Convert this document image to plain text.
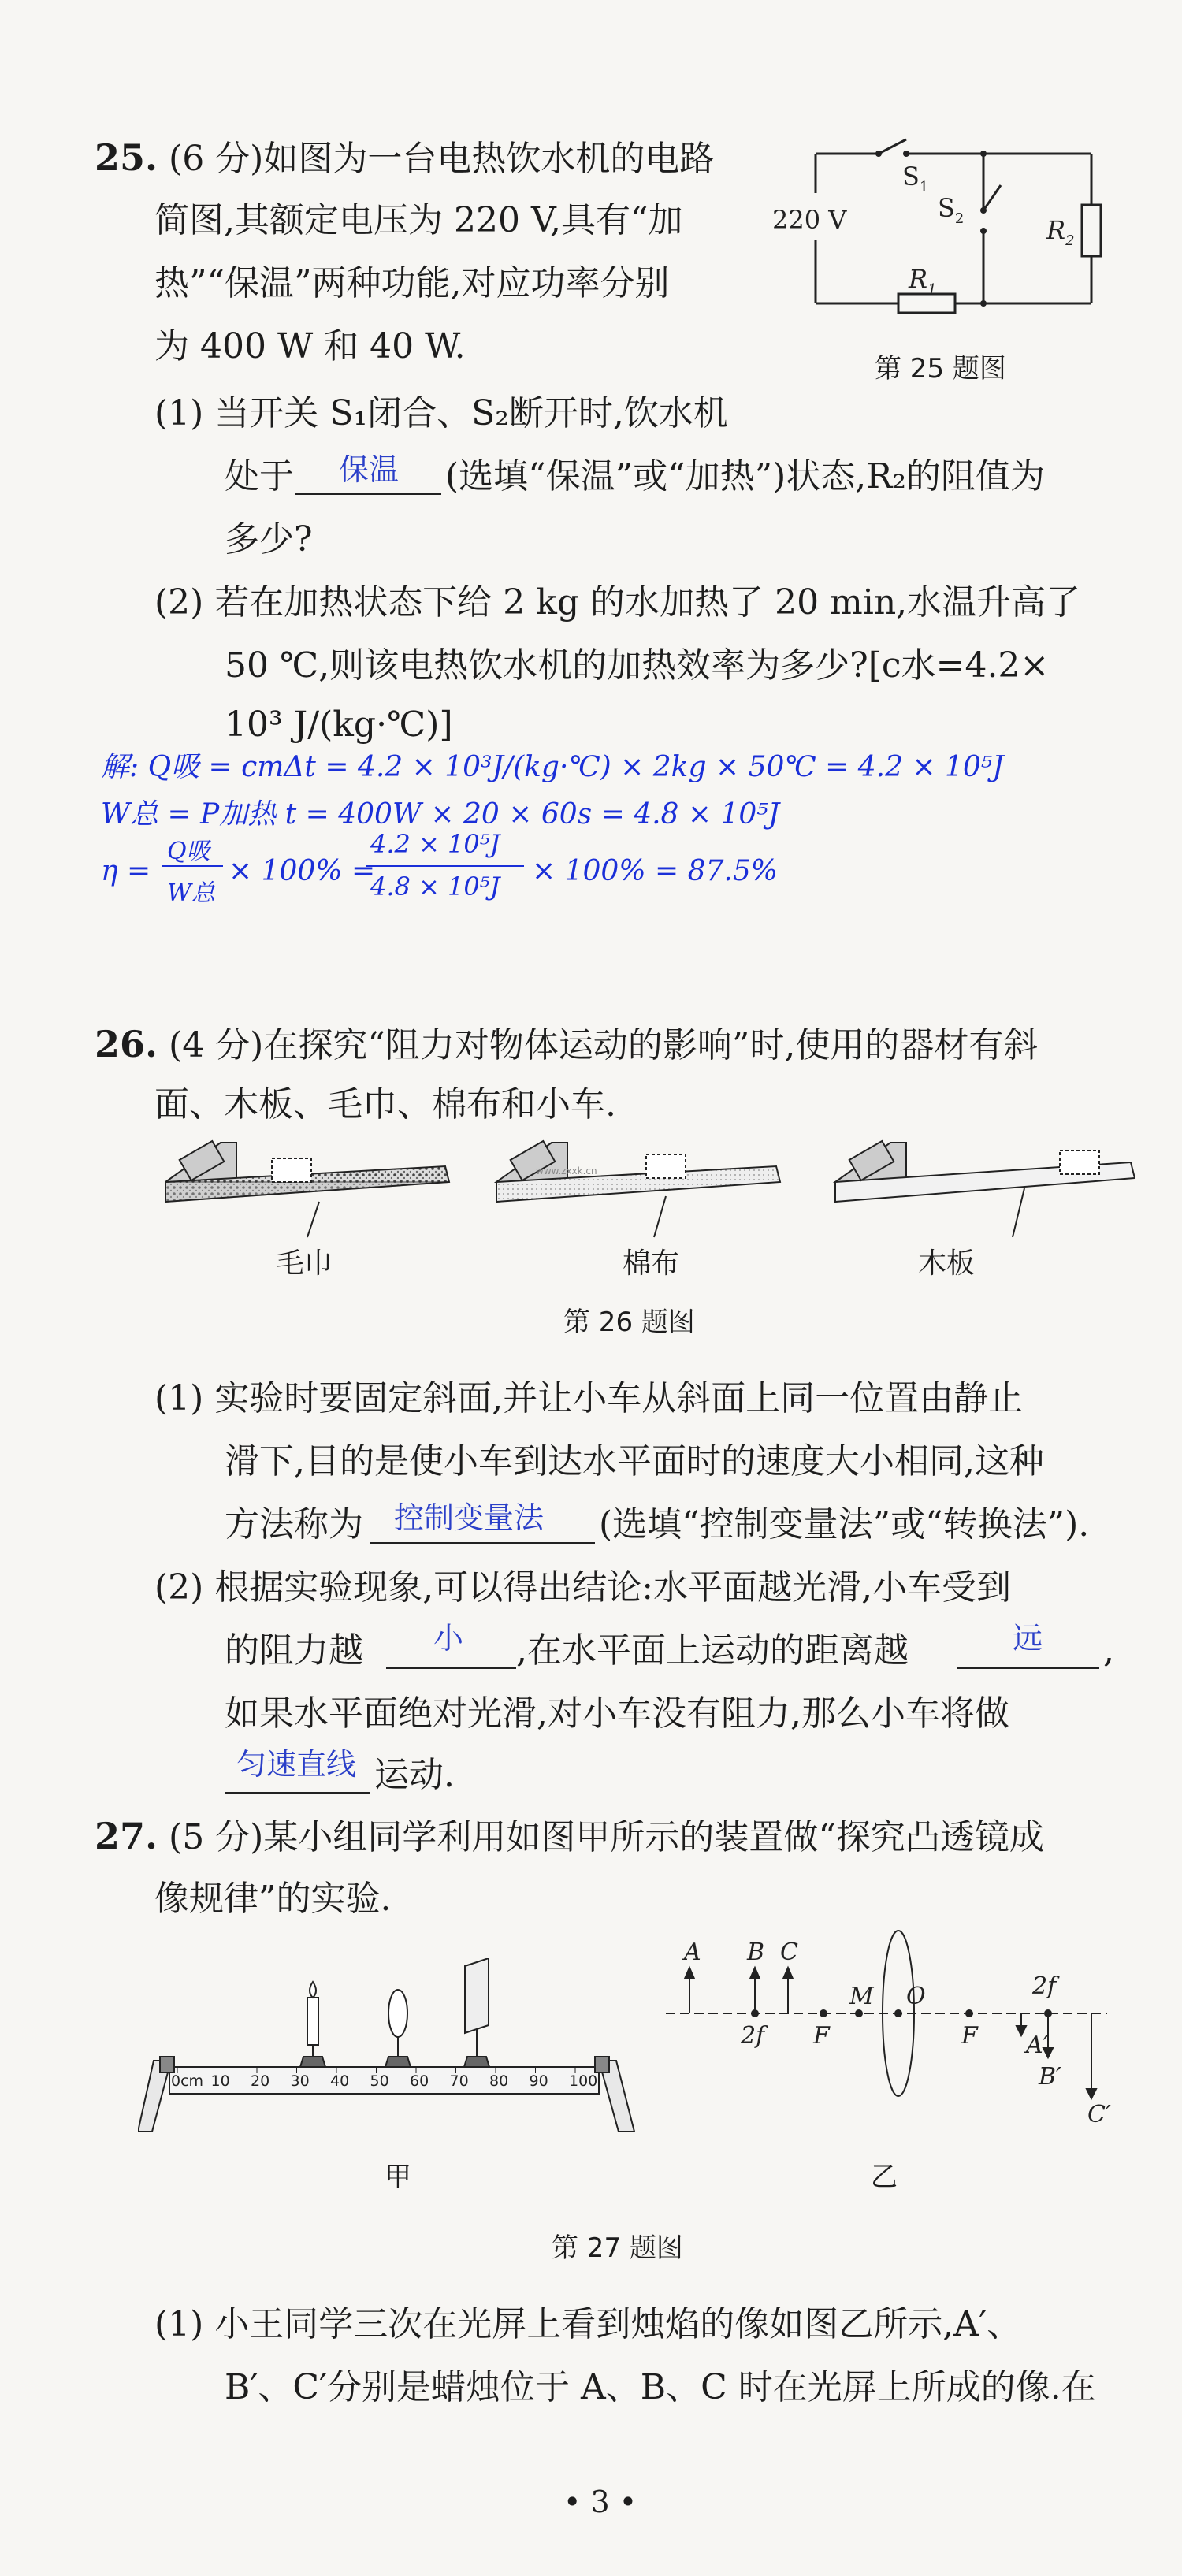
25. (6 分)如图为一台电热饮水机的电路
简图,其额定电压为 220 V,具有“加
热”“保温”两种功能,对应功率分别
为 400 W 和 40 W.
220 V
$S_1$
$S_2$
$R_1$
$R_2$
第 25 题图
(1) 当开关 S₁闭合、S₂断开时,饮水机
处于 保温 (选填“保温”或“加热”)状态,R₂的阻值为
多少?
(2) 若在加热状态下给 2 kg 的水加热了 20 min,水温升高了
50 ℃,则该电热饮水机的加热效率为多少?[c水=4.2×
10³ J/(kg·℃)]
解: Q吸 = cmΔt = 4.2 × 10³J/(kg·℃) × 2kg × 50℃ = 4.2 × 10⁵J
W总 = P加热 t = 400W × 20 × 60s = 4.8 × 10⁵J
η =
Q吸
W总
× 100% =
4.2 × 10⁵J
4.8 × 10⁵J × 100% = 87.5%
26. (4 分)在探究“阻力对物体运动的影响”时,使用的器材有斜
面、木板、毛巾、棉布和小车.
www.zxxk.cn
毛巾	棉布	木板
第 26 题图
(1) 实验时要固定斜面,并让小车从斜面上同一位置由静止
滑下,目的是使小车到达水平面时的速度大小相同,这种
方法称为 控制变量法 (选填“控制变量法”或“转换法”).
(2) 根据实验现象,可以得出结论:水平面越光滑,小车受到
的阻力越 小 ,在水平面上运动的距离越	远 ,
如果水平面绝对光滑,对小车没有阻力,那么小车将做
匀速直线 运动.
27. (5 分)某小组同学利用如图甲所示的装置做“探究凸透镜成
像规律”的实验.
0cm 10 20 30 40 50 60 70 80 90 100
甲
A B C
M O
2f F	F
2f
A′
B′
C′
乙
第 27 题图
(1) 小王同学三次在光屏上看到烛焰的像如图乙所示,A′、
B′、C′分别是蜡烛位于 A、B、C 时在光屏上所成的像.在
• 3 •
